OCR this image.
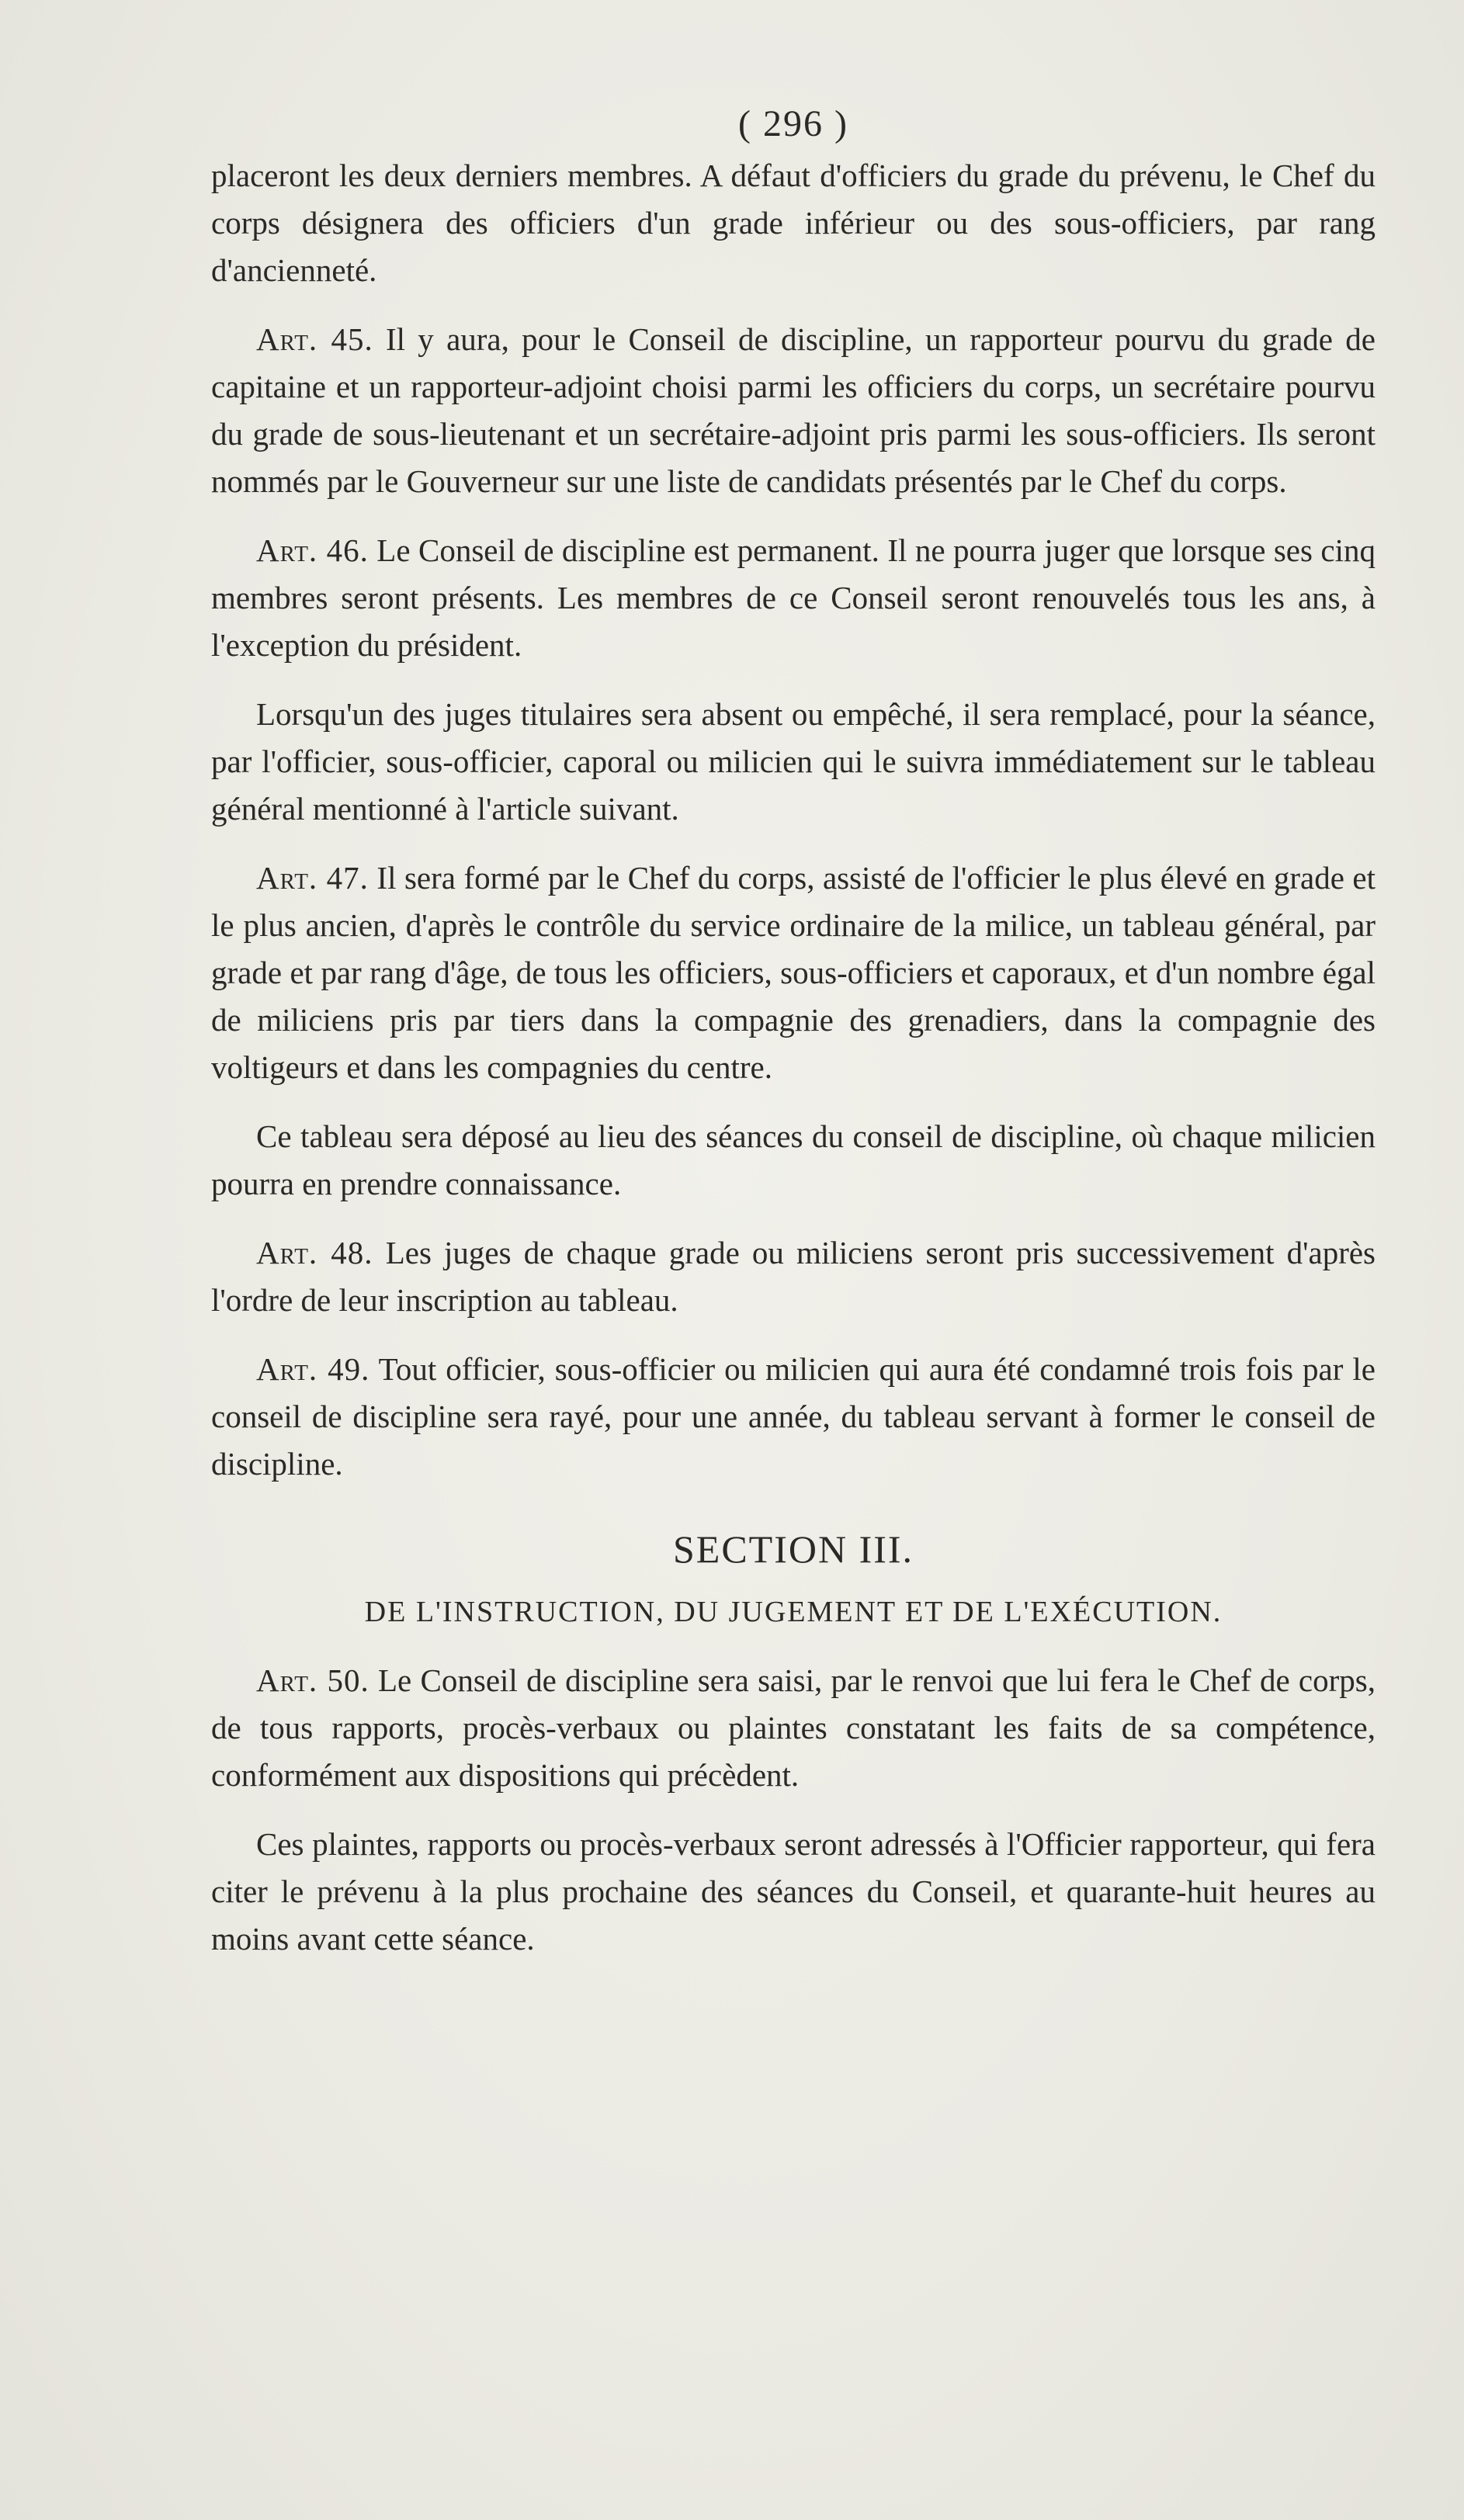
( 296 )

placeront les deux derniers membres. A défaut d'officiers du grade du prévenu, le Chef du corps désignera des officiers d'un grade inférieur ou des sous-officiers, par rang d'ancienneté.

Art. 45. Il y aura, pour le Conseil de discipline, un rapporteur pourvu du grade de capitaine et un rapporteur-adjoint choisi parmi les officiers du corps, un secrétaire pourvu du grade de sous-lieutenant et un secrétaire-adjoint pris parmi les sous-officiers. Ils seront nommés par le Gouverneur sur une liste de candidats présentés par le Chef du corps.

Art. 46. Le Conseil de discipline est permanent. Il ne pourra juger que lorsque ses cinq membres seront présents. Les membres de ce Conseil seront renouvelés tous les ans, à l'exception du président.

Lorsqu'un des juges titulaires sera absent ou empêché, il sera remplacé, pour la séance, par l'officier, sous-officier, caporal ou milicien qui le suivra immédiatement sur le tableau général mentionné à l'article suivant.

Art. 47. Il sera formé par le Chef du corps, assisté de l'officier le plus élevé en grade et le plus ancien, d'après le contrôle du service ordinaire de la milice, un tableau général, par grade et par rang d'âge, de tous les officiers, sous-officiers et caporaux, et d'un nombre égal de miliciens pris par tiers dans la compagnie des grenadiers, dans la compagnie des voltigeurs et dans les compagnies du centre.

Ce tableau sera déposé au lieu des séances du conseil de discipline, où chaque milicien pourra en prendre connaissance.

Art. 48. Les juges de chaque grade ou miliciens seront pris successivement d'après l'ordre de leur inscription au tableau.

Art. 49. Tout officier, sous-officier ou milicien qui aura été condamné trois fois par le conseil de discipline sera rayé, pour une année, du tableau servant à former le conseil de discipline.

SECTION III.
DE L'INSTRUCTION, DU JUGEMENT ET DE L'EXÉCUTION.

Art. 50. Le Conseil de discipline sera saisi, par le renvoi que lui fera le Chef de corps, de tous rapports, procès-verbaux ou plaintes constatant les faits de sa compétence, conformément aux dispositions qui précèdent.

Ces plaintes, rapports ou procès-verbaux seront adressés à l'Officier rapporteur, qui fera citer le prévenu à la plus prochaine des séances du Conseil, et quarante-huit heures au moins avant cette séance.
